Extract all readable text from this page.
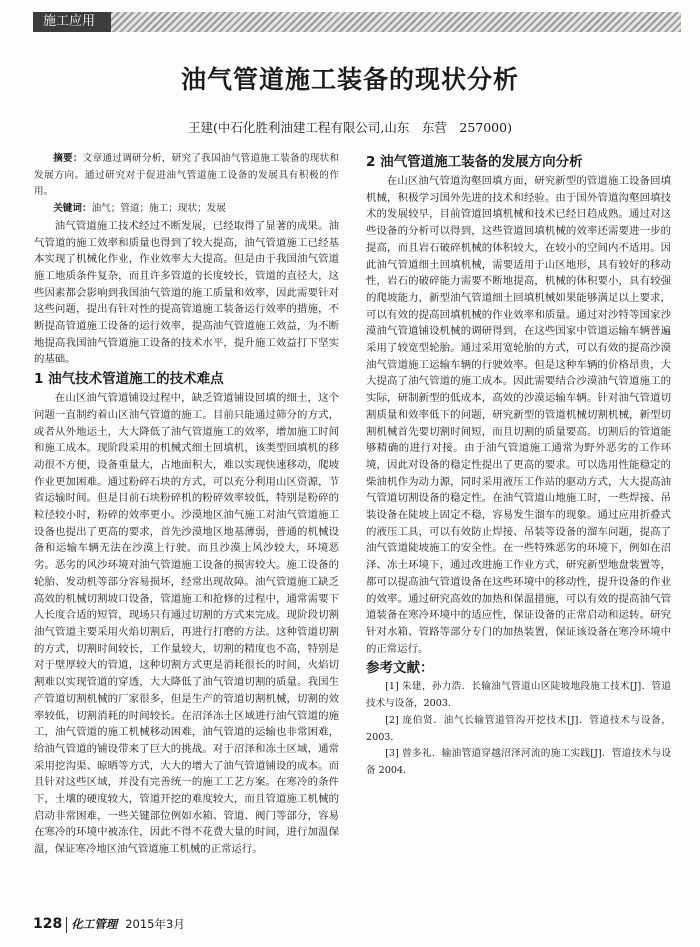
施工应用
油气管道施工装备的现状分析
王建(中石化胜利油建工程有限公司,山东　东营　257000)

摘要：文章通过调研分析，研究了我国油气管道施工装备的现状和发展方向。通过研究对于促进油气管道施工设备的发展具有积极的作用。

关键词：油气；管道；施工；现状；发展

油气管道施工技术经过不断发展，已经取得了显著的成果。油气管道的施工效率和质量也得到了较大提高，油气管道施工已经基本实现了机械化作业，作业效率大大提高。但是由于我国油气管道施工地质条件复杂，而且许多管道的长度较长，管道的直径大，这些因素都会影响到我国油气管道的施工质量和效率，因此需要针对这些问题，提出有针对性的提高管道施工装备运行效率的措施，不断提高管道施工设备的运行效率，提高油气管道施工效益，为不断地提高我国油气管道施工设备的技术水平，提升施工效益打下坚实的基础。

1 油气技术管道施工的技术难点

在山区油气管道铺设过程中，缺乏管道铺设回填的细土，这个问题一直制约着山区油气管道的施工。目前只能通过筛分的方式，或者从外地运土，大大降低了油气管道施工的效率，增加施工时间和施工成本。现阶段采用的机械式细土回填机，该类型回填机的移动很不方便，设备重量大，占地面积大，难以实现快速移动，爬坡作业更加困难。通过粉碎石块的方式，可以充分利用山区资源，节省运输时间。但是目前石块粉碎机的粉碎效率较低，特别是粉碎的粒径较小时，粉碎的效率更小。沙漠地区油气施工对油气管道施工设备也提出了更高的要求，首先沙漠地区地基薄弱，普通的机械设备和运输车辆无法在沙漠上行驶。而且沙漠上风沙较大，环境恶劣。恶劣的风沙环境对油气管道施工设备的损害较大。施工设备的轮胎、发动机等部分容易损坏，经常出现故障。油气管道施工缺乏高效的机械切割坡口设备，管道施工和抢修的过程中，通常需要下人长度合适的短管，现场只有通过切割的方式来完成。现阶段切割油气管道主要采用火焰切割后，再进行打磨的方法。这种管道切割的方式，切割时间较长，工作量较大，切割的精度也不高，特别是对于壁厚较大的管道，这种切割方式更是消耗很长的时间，火焰切割难以实现管道的穿透，大大降低了油气管道切割的质量。我国生产管道切割机械的厂家很多，但是生产的管道切割机械，切割的效率较低，切割消耗的时间较长。在沼泽冻土区域进行油气管道的施工，油气管道的施工机械移动困难，油气管道的运输也非常困难，给油气管道的铺设带来了巨大的挑战。对于沼泽和冻土区域，通常采用挖沟渠、晾晒等方式，大大的增大了油气管道铺设的成本。而且针对这些区域，并没有完善统一的施工工艺方案。在寒冷的条件下，土壤的硬度较大，管道开挖的难度较大，而且管道施工机械的启动非常困难，一些关键部位例如水箱、管道、阀门等部分，容易在寒冷的环境中被冻住，因此不得不花费大量的时间，进行加温保温，保证寒冷地区油气管道施工机械的正常运行。

2 油气管道施工装备的发展方向分析

在山区油气管道沟壑回填方面，研究新型的管道施工设备回填机械，积极学习国外先进的技术和经验。由于国外管道沟壑回填技术的发展较早，目前管道回填机械和技术已经日趋成熟。通过对这些设备的分析可以得到，这些管道回填机械的效率还需要进一步的提高，而且岩石破碎机械的体积较大，在较小的空间内不适用。因此油气管道细土回填机械，需要适用于山区地形，具有较好的移动性，岩石的破碎能力需要不断地提高，机械的体积要小，具有较强的爬坡能力，新型油气管道细土回填机械如果能够满足以上要求，可以有效的提高回填机械的作业效率和质量。通过对沙特等国家沙漠油气管道铺设机械的调研得到，在这些国家中管道运输车辆普遍采用了较宽型轮胎。通过采用宽轮胎的方式，可以有效的提高沙漠油气管道施工运输车辆的行驶效率。但是这种车辆的价格昂贵，大大提高了油气管道的施工成本。因此需要结合沙漠油气管道施工的实际，研制新型的低成本，高效的沙漠运输车辆。针对油气管道切割质量和效率低下的问题，研究新型的管道机械切割机械，新型切割机械首先要切割时间短，而且切割的质量要高。切割后的管道能够精确的进行对接。由于油气管道施工通常为野外恶劣的工作环境，因此对设备的稳定性提出了更高的要求。可以选用性能稳定的柴油机作为动力源，同时采用液压工作站的驱动方式，大大提高油气管道切割设备的稳定性。在油气管道山地施工时，一些焊接、吊装设备在陡坡上固定不稳，容易发生溜车的现象。通过应用折叠式的液压工具，可以有效防止焊接、吊装等设备的溜车问题，提高了油气管道陡坡施工的安全性。在一些特殊恶劣的环境下，例如在沼泽、冻土环境下，通过改进施工作业方式，研究新型地盘装置等，都可以提高油气管道设备在这些环境中的移动性，提升设备的作业的效率。通过研究高效的加热和保温措施，可以有效的提高油气管道装备在寒冷环境中的适应性，保证设备的正常启动和运转。研究针对水箱、管路等部分专门的加热装置，保证该设备在寒冷环境中的正常运行。

参考文献：

[1] 朱建，孙力浩．长输油气管道山区陡坡地段施工技术[J]．管道技术与设备，2003．

[2] 庞伯贤．油气长输管道管沟开挖技术[J]．管道技术与设备，2003．

[3] 曾多礼．输油管道穿越沼泽河流的施工实践[J]．管道技术与设备 2004．

128 化工管理 2015年3月
